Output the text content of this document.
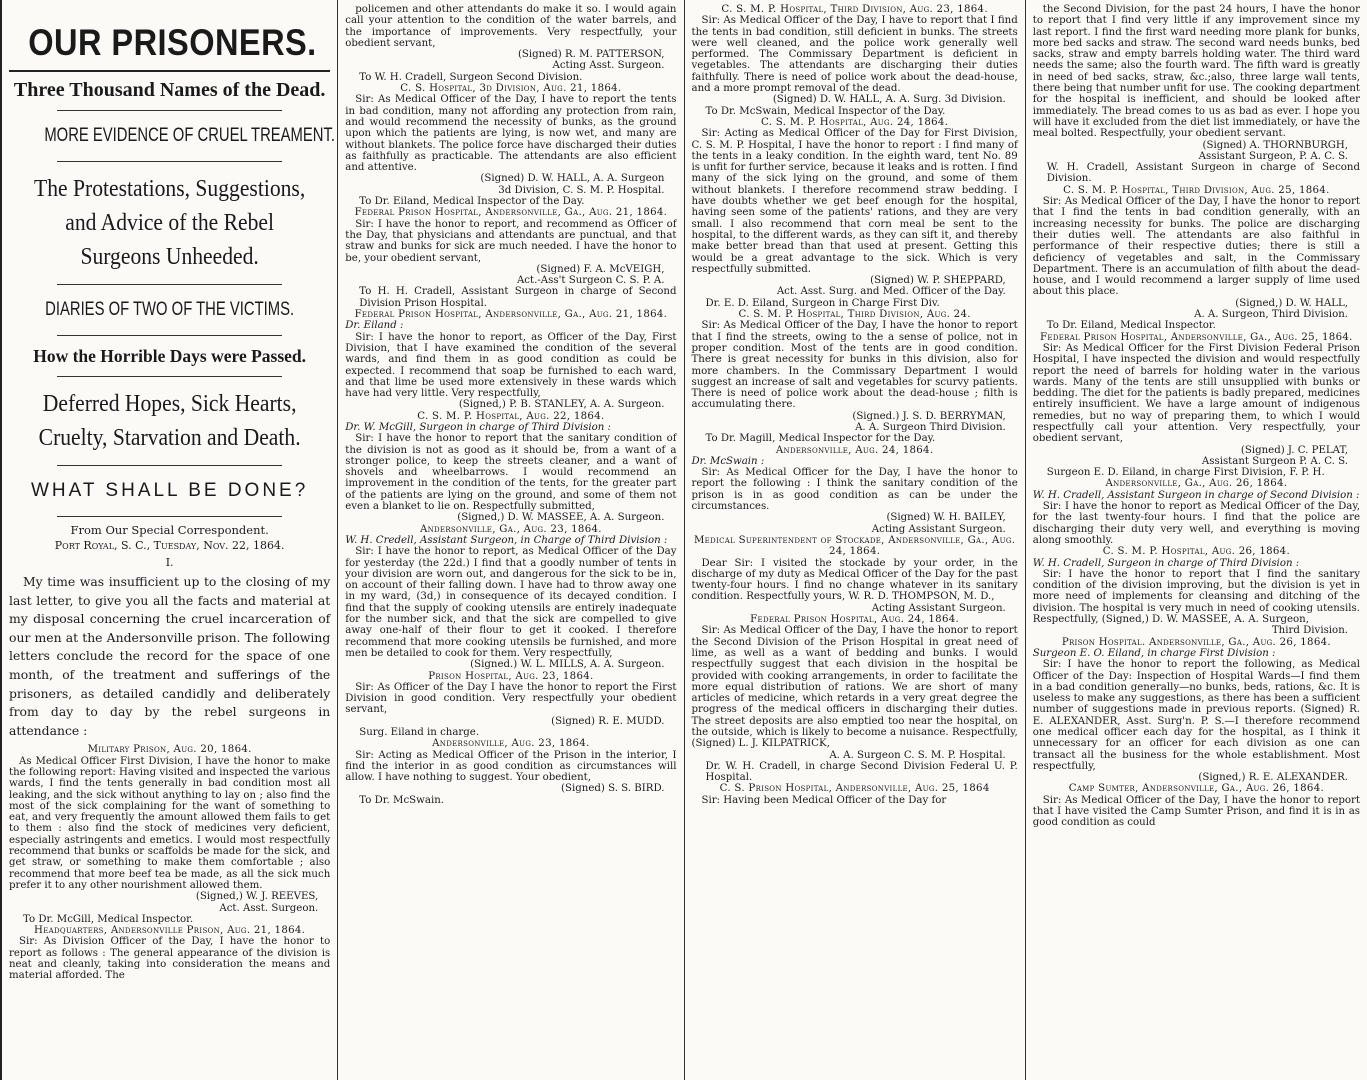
OUR PRISONERS.
Three Thousand Names of the Dead.
MORE EVIDENCE OF CRUEL TREAMENT.
The Protestations, Suggestions, and Advice of the Rebel Surgeons Unheeded.
DIARIES OF TWO OF THE VICTIMS.
How the Horrible Days were Passed.
Deferred Hopes, Sick Hearts, Cruelty, Starvation and Death.
WHAT SHALL BE DONE?
From Our Special Correspondent.
Port Royal, S. C., Tuesday, Nov. 22, 1864.
I.

My time was insufficient up to the closing of my last letter, to give you all the facts and material at my disposal concerning the cruel incarceration of our men at the Andersonville prison. The following letters conclude the record for the space of one month, of the treatment and sufferings of the prisoners, as detailed candidly and deliberately from day to day by the rebel surgeons in attendance :

Military Prison, Aug. 20, 1864.

As Medical Officer First Division, I have the honor to make the following report: Having visited and inspected the various wards, I find the tents generally in bad condition most all leaking, and the sick without anything to lay on ; also find the most of the sick complaining for the want of something to eat, and very frequently the amount allowed them fails to get to them : also find the stock of medicines very deficient, especially astringents and emetics. I would most respectfully recommend that bunks or scaffolds be made for the sick, and get straw, or something to make them comfortable ; also recommend that more beef tea be made, as all the sick much prefer it to any other nourishment allowed them.

(Signed,) W. J. REEVES,

Act. Asst. Surgeon.

To Dr. McGill, Medical Inspector.

Headquarters, Andersonville Prison, Aug. 21, 1864.

Sir: As Division Officer of the Day, I have the honor to report as follows : The general appearance of the division is neat and cleanly, taking into consideration the means and material afforded. The

policemen and other attendants do make it so. I would again call your attention to the condition of the water barrels, and the importance of improvements. Very respectfully, your obedient servant,

(Signed) R. M. PATTERSON,

Acting Asst. Surgeon.

To W. H. Cradell, Surgeon Second Division.

C. S. Hospital, 3d Division, Aug. 21, 1864.

Sir: As Medical Officer of the Day, I have to report the tents in bad condition, many not affording any protection from rain, and would recommend the necessity of bunks, as the ground upon which the patients are lying, is now wet, and many are without blankets. The police force have discharged their duties as faithfully as practicable. The attendants are also efficient and attentive.

(Signed) D. W. HALL, A. A. Surgeon

3d Division, C. S. M. P. Hospital.

To Dr. Eiland, Medical Inspector of the Day.

Federal Prison Hospital, Andersonville, Ga., Aug. 21, 1864.

Sir: I have the honor to report, and recommend as Officer of the Day, that physicians and attendants are punctual, and that straw and bunks for sick are much needed. I have the honor to be, your obedient servant,

(Signed) F. A. McVEIGH,

Act.-Ass't Surgeon C. S. P. A.

To H. H. Cradell, Assistant Surgeon in charge of Second Division Prison Hospital.

Federal Prison Hospital, Andersonville, Ga., Aug. 21, 1864.

Dr. Eiland :

Sir: I have the honor to report, as Officer of the Day, First Division, that I have examined the condition of the several wards, and find them in as good condition as could be expected. I recommend that soap be furnished to each ward, and that lime be used more extensively in these wards which have had very little. Very respectfully,

(Signed,) P. B. STANLEY, A. A. Surgeon.

C. S. M. P. Hospital, Aug. 22, 1864.

Dr. W. McGill, Surgeon in charge of Third Division :

Sir: I have the honor to report that the sanitary condition of the division is not as good as it should be, from a want of a stronger police, to keep the streets cleaner, and a want of shovels and wheelbarrows. I would recommend an improvement in the condition of the tents, for the greater part of the patients are lying on the ground, and some of them not even a blanket to lie on. Respectfully submitted,

(Signed,) D. W. MASSEE, A. A. Surgeon.

Andersonville, Ga., Aug. 23, 1864.

W. H. Credell, Assistant Surgeon, in Charge of Third Division :

Sir: I have the honor to report, as Medical Officer of the Day for yesterday (the 22d.) I find that a goodly number of tents in your division are worn out, and dangerous for the sick to be in, on account of their falling down. I have had to throw away one in my ward, (3d,) in consequence of its decayed condition. I find that the supply of cooking utensils are entirely inadequate for the number sick, and that the sick are compelled to give away one-half of their flour to get it cooked. I therefore recommend that more cooking utensils be furnished, and more men be detailed to cook for them. Very respectfully,

(Signed.) W. L. MILLS, A. A. Surgeon.

Prison Hospital, Aug. 23, 1864.

Sir: As Officer of the Day I have the honor to report the First Division in good condition. Very respectfully your obedient servant,

(Signed) R. E. MUDD.

Surg. Eiland in charge.

Andersonville, Aug. 23, 1864.

Sir: Acting as Medical Officer of the Prison in the interior, I find the interior in as good condition as circumstances will allow. I have nothing to suggest. Your obedient,

(Signed) S. S. BIRD.

To Dr. McSwain.

C. S. M. P. Hospital, Third Division, Aug. 23, 1864.

Sir: As Medical Officer of the Day, I have to report that I find the tents in bad condition, still deficient in bunks. The streets were well cleaned, and the police work generally well performed. The Commissary Department is deficient in vegetables. The attendants are discharging their duties faithfully. There is need of police work about the dead-house, and a more prompt removal of the dead.

(Signed) D. W. HALL, A. A. Surg. 3d Division.

To Dr. McSwain, Medical Inspector of the Day.

C. S. M. P. Hospital, Aug. 24, 1864.

Sir: Acting as Medical Officer of the Day for First Division, C. S. M. P. Hospital, I have the honor to report : I find many of the tents in a leaky condition. In the eighth ward, tent No. 89 is unfit for further service, because it leaks and is rotten. I find many of the sick lying on the ground, and some of them without blankets. I therefore recommend straw bedding. I have doubts whether we get beef enough for the hospital, having seen some of the patients' rations, and they are very small. I also recommend that corn meal be sent to the hospital, to the different wards, as they can sift it, and thereby make better bread than that used at present. Getting this would be a great advantage to the sick. Which is very respectfully submitted.

(Signed) W. P. SHEPPARD,

Act. Asst. Surg. and Med. Officer of the Day.

Dr. E. D. Eiland, Surgeon in Charge First Div.

C. S. M. P. Hospital, Third Division, Aug. 24.

Sir: As Medical Officer of the Day, I have the honor to report that I find the streets, owing to the a sense of police, not in proper condition. Most of the tents are in good condition. There is great necessity for bunks in this division, also for more chambers. In the Commissary Department I would suggest an increase of salt and vegetables for scurvy patients. There is need of police work about the dead-house ; filth is accumulating there.

(Signed.) J. S. D. BERRYMAN,

A. A. Surgeon Third Division.

To Dr. Magill, Medical Inspector for the Day.

Andersonville, Aug. 24, 1864.

Dr. McSwain :

Sir: As Medical Officer for the Day, I have the honor to report the following : I think the sanitary condition of the prison is in as good condition as can be under the circumstances.

(Signed) W. H. BAILEY,

Acting Assistant Surgeon.

Medical Superintendent of Stockade, Andersonville, Ga., Aug. 24, 1864.

Dear Sir: I visited the stockade by your order, in the discharge of my duty as Medical Officer of the Day for the past twenty-four hours. I find no change whatever in its sanitary condition. Respectfully yours, W. R. D. THOMPSON, M. D.,

Acting Assistant Surgeon.

Federal Prison Hospital, Aug. 24, 1864.

Sir: As Medical Officer of the Day, I have the honor to report the Second Division of the Prison Hospital in great need of lime, as well as a want of bedding and bunks. I would respectfully suggest that each division in the hospital be provided with cooking arrangements, in order to facilitate the more equal distribution of rations. We are short of many articles of medicine, which retards in a very great degree the progress of the medical officers in discharging their duties. The street deposits are also emptied too near the hospital, on the outside, which is likely to become a nuisance. Respectfully, (Signed) L. J. KILPATRICK,

A. A. Surgeon C. S. M. P. Hospital.

Dr. W. H. Cradell, in charge Second Division Federal U. P. Hospital.

C. S. Prison Hospital, Andersonville, Aug. 25, 1864

Sir: Having been Medical Officer of the Day for

the Second Division, for the past 24 hours, I have the honor to report that I find very little if any improvement since my last report. I find the first ward needing more plank for bunks, more bed sacks and straw. The second ward needs bunks, bed sacks, straw and empty barrels holding water. The third ward needs the same; also the fourth ward. The fifth ward is greatly in need of bed sacks, straw, &c.;also, three large wall tents, there being that number unfit for use. The cooking department for the hospital is inefficient, and should be looked after immediately. The bread comes to us as bad as ever. I hope you will have it excluded from the diet list immediately, or have the meal bolted. Respectfully, your obedient servant.

(Signed) A. THORNBURGH,

Assistant Surgeon, P. A. C. S.

W. H. Cradell, Assistant Surgeon in charge of Second Division.

C. S. M. P. Hospital, Third Division, Aug. 25, 1864.

Sir: As Medical Officer of the Day, I have the honor to report that I find the tents in bad condition generally, with an increasing necessity for bunks. The police are discharging their duties well. The attendants are also faithful in performance of their respective duties; there is still a deficiency of vegetables and salt, in the Commissary Department. There is an accumulation of filth about the dead-house, and I would recommend a larger supply of lime used about this place.

(Signed,) D. W. HALL,

A. A. Surgeon, Third Division.

To Dr. Eiland, Medical Inspector.

Federal Prison Hospital, Andersonville, Ga., Aug. 25, 1864.

Sir: As Medical Officer for the First Division Federal Prison Hospital, I have inspected the division and would respectfully report the need of barrels for holding water in the various wards. Many of the tents are still unsupplied with bunks or bedding. The diet for the patients is badly prepared, medicines entirely insufficient. We have a large amount of indigenous remedies, but no way of preparing them, to which I would respectfully call your attention. Very respectfully, your obedient servant,

(Signed) J. C. PELAT,

Assistant Surgeon P. A. C. S.

Surgeon E. D. Eiland, in charge First Division, F. P. H.

Andersonville, Ga., Aug. 26, 1864.

W. H. Cradell, Assistant Surgeon in charge of Second Division :

Sir: I have the honor to report as Medical Officer of the Day, for the last twenty-four hours. I find that the police are discharging their duty very well, and everything is moving along smoothly.

C. S. M. P. Hospital, Aug. 26, 1864.

W. H. Cradell, Surgeon in charge of Third Division :

Sir: I have the honor to report that I find the sanitary condition of the division improving, but the division is yet in more need of implements for cleansing and ditching of the division. The hospital is very much in need of cooking utensils. Respectfully, (Signed,) D. W. MASSEE, A. A. Surgeon,

Third Division.

Prison Hospital. Andersonville, Ga., Aug. 26, 1864.

Surgeon E. O. Eiland, in charge First Division :

Sir: I have the honor to report the following, as Medical Officer of the Day: Inspection of Hospital Wards—I find them in a bad condition generally—no bunks, beds, rations, &c. It is useless to make any suggestions, as there has been a sufficient number of suggestions made in previous reports. (Signed) R. E. ALEXANDER, Asst. Surg'n. P. S.—I therefore recommend one medical officer each day for the hospital, as I think it unnecessary for an officer for each division as one can transact all the business for the whole establishment. Most respectfully,

(Signed,) R. E. ALEXANDER.

Camp Sumter, Andersonville, Ga., Aug. 26, 1864.

Sir: As Medical Officer of the Day, I have the honor to report that I have visited the Camp Sumter Prison, and find it is in as good condition as could
